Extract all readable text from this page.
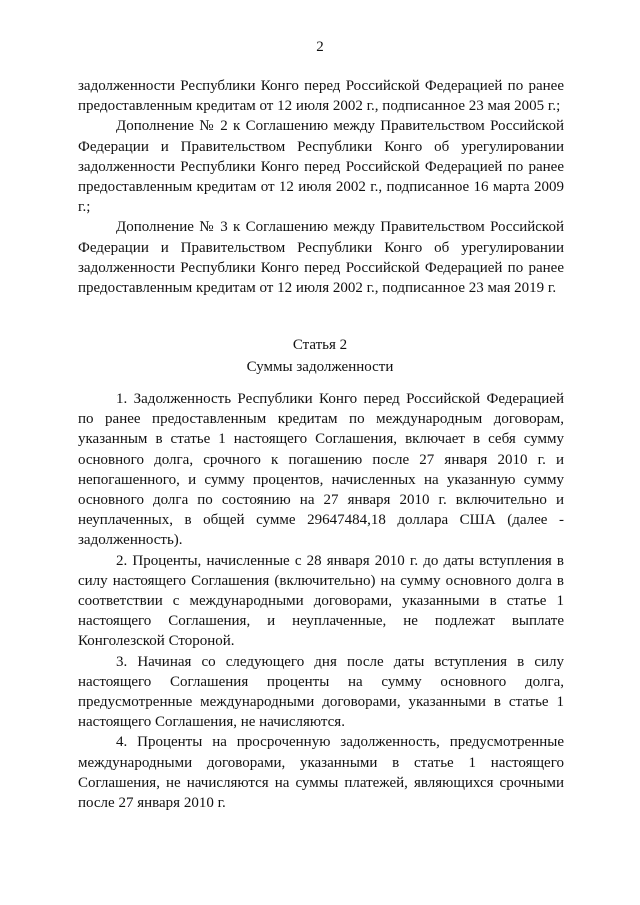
2

задолженности Республики Конго перед Российской Федерацией по ранее предоставленным кредитам от 12 июля 2002 г., подписанное 23 мая 2005 г.;

Дополнение № 2 к Соглашению между Правительством Российской Федерации и Правительством Республики Конго об урегулировании задолженности Республики Конго перед Российской Федерацией по ранее предоставленным кредитам от 12 июля 2002 г., подписанное 16 марта 2009 г.;

Дополнение № 3 к Соглашению между Правительством Российской Федерации и Правительством Республики Конго об урегулировании задолженности Республики Конго перед Российской Федерацией по ранее предоставленным кредитам от 12 июля 2002 г., подписанное 23 мая 2019 г.

Статья 2
Суммы задолженности

1. Задолженность Республики Конго перед Российской Федерацией по ранее предоставленным кредитам по международным договорам, указанным в статье 1 настоящего Соглашения, включает в себя сумму основного долга, срочного к погашению после 27 января 2010 г. и непогашенного, и сумму процентов, начисленных на указанную сумму основного долга по состоянию на 27 января 2010 г. включительно и неуплаченных, в общей сумме 29647484,18 доллара США (далее - задолженность).

2. Проценты, начисленные с 28 января 2010 г. до даты вступления в силу настоящего Соглашения (включительно) на сумму основного долга в соответствии с международными договорами, указанными в статье 1 настоящего Соглашения, и неуплаченные, не подлежат выплате Конголезской Стороной.

3. Начиная со следующего дня после даты вступления в силу настоящего Соглашения проценты на сумму основного долга, предусмотренные международными договорами, указанными в статье 1 настоящего Соглашения, не начисляются.

4. Проценты на просроченную задолженность, предусмотренные международными договорами, указанными в статье 1 настоящего Соглашения, не начисляются на суммы платежей, являющихся срочными после 27 января 2010 г.
